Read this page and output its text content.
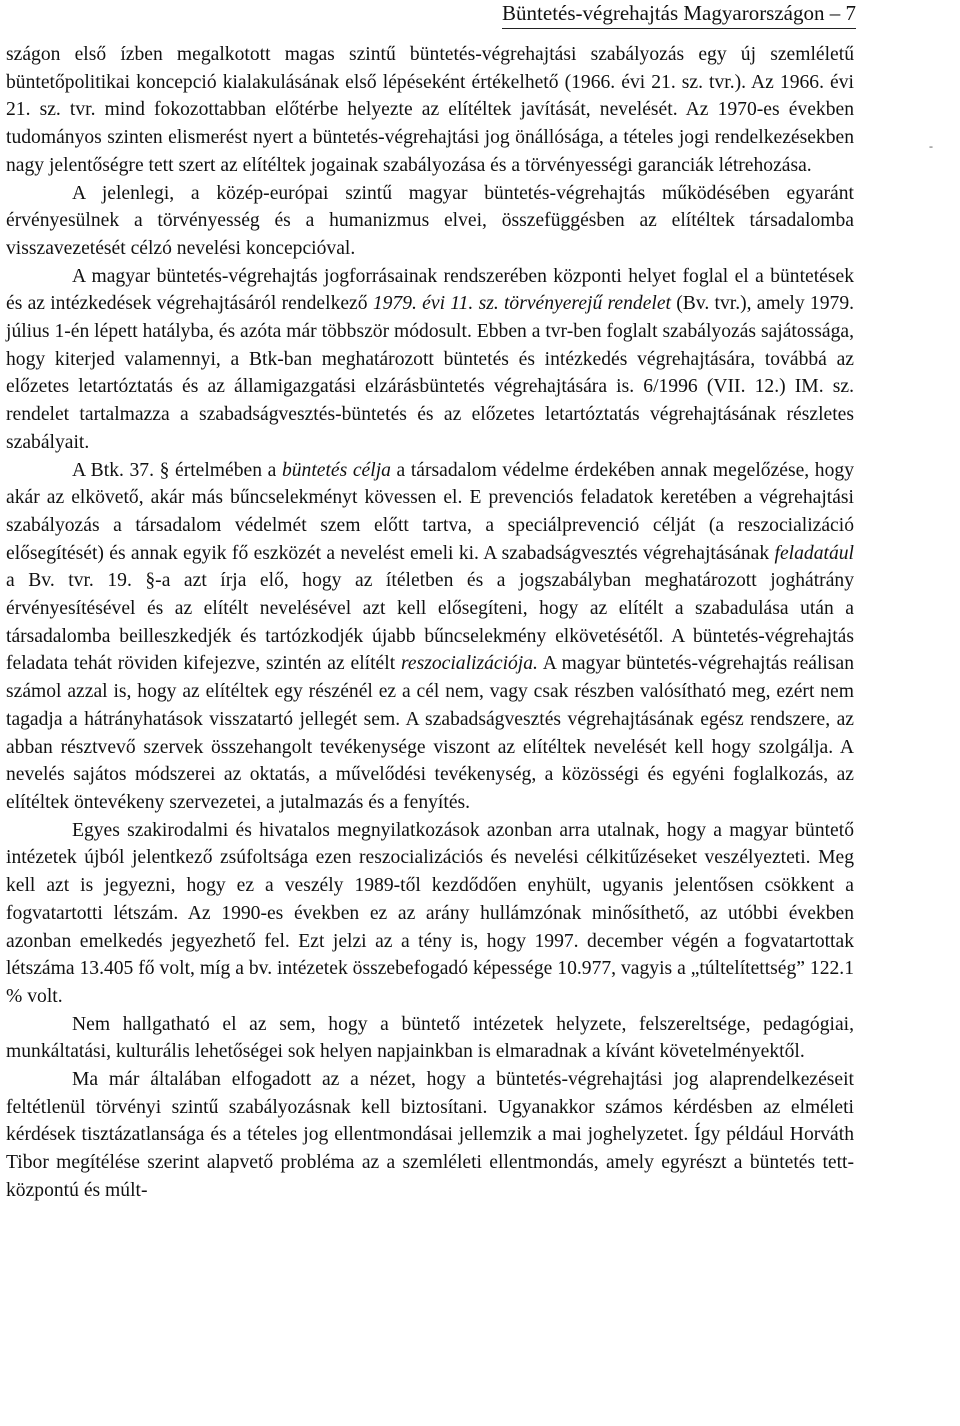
Büntetés-végrehajtás Magyarországon – 7
-

szágon első ízben megalkotott magas szintű büntetés-végrehajtási szabályozás egy új szemléletű büntetőpolitikai koncepció kialakulásának első lépéseként értékelhető (1966. évi 21. sz. tvr.). Az 1966. évi 21. sz. tvr. mind fokozottabban előtérbe helyezte az elítéltek javítását, nevelését. Az 1970-es években tudományos szinten elismerést nyert a büntetés-végrehajtási jog önállósága, a tételes jogi rendelkezésekben nagy jelentőségre tett szert az elítéltek jogainak szabályozása és a törvényességi garanciák létrehozása.

A jelenlegi, a közép-európai szintű magyar büntetés-végrehajtás működésében egyaránt érvényesülnek a törvényesség és a humanizmus elvei, összefüggésben az elítéltek társadalomba visszavezetését célzó nevelési koncepcióval.

A magyar büntetés-végrehajtás jogforrásainak rendszerében központi helyet foglal el a büntetések és az intézkedések végrehajtásáról rendelkező 1979. évi 11. sz. törvényerejű rendelet (Bv. tvr.), amely 1979. július 1-én lépett hatályba, és azóta már többször módosult. Ebben a tvr-ben foglalt szabályozás sajátossága, hogy kiterjed valamennyi, a Btk-ban meghatározott büntetés és intézkedés végrehajtására, továbbá az előzetes letartóztatás és az államigazgatási elzárásbüntetés végrehajtására is. 6/1996 (VII. 12.) IM. sz. rendelet tartalmazza a szabadságvesztés-büntetés és az előzetes letartóztatás végrehajtásának részletes szabályait.

A Btk. 37. § értelmében a büntetés célja a társadalom védelme érdekében annak megelőzése, hogy akár az elkövető, akár más bűncselekményt kövessen el. E prevenciós feladatok keretében a végrehajtási szabályozás a társadalom védelmét szem előtt tartva, a speciálprevenció célját (a reszocializáció elősegítését) és annak egyik fő eszközét a nevelést emeli ki. A szabadságvesztés végrehajtásának feladatául a Bv. tvr. 19. §-a azt írja elő, hogy az ítéletben és a jogszabályban meghatározott joghátrány érvényesítésével és az elítélt nevelésével azt kell elősegíteni, hogy az elítélt a szabadulása után a társadalomba beilleszkedjék és tartózkodjék újabb bűncselekmény elkövetésétől. A büntetés-végrehajtás feladata tehát röviden kifejezve, szintén az elítélt reszocializációja. A magyar büntetés-végrehajtás reálisan számol azzal is, hogy az elítéltek egy részénél ez a cél nem, vagy csak részben valósítható meg, ezért nem tagadja a hátrányhatások visszatartó jellegét sem. A szabadságvesztés végrehajtásának egész rendszere, az abban résztvevő szervek összehangolt tevékenysége viszont az elítéltek nevelését kell hogy szolgálja. A nevelés sajátos módszerei az oktatás, a művelődési tevékenység, a közösségi és egyéni foglalkozás, az elítéltek öntevékeny szervezetei, a jutalmazás és a fenyítés.

Egyes szakirodalmi és hivatalos megnyilatkozások azonban arra utalnak, hogy a magyar büntető intézetek újból jelentkező zsúfoltsága ezen reszocializációs és nevelési célkitűzéseket veszélyezteti. Meg kell azt is jegyezni, hogy ez a veszély 1989-től kezdődően enyhült, ugyanis jelentősen csökkent a fogvatartotti létszám. Az 1990-es években ez az arány hullámzónak minősíthető, az utóbbi években azonban emelkedés jegyezhető fel. Ezt jelzi az a tény is, hogy 1997. december végén a fogvatartottak létszáma 13.405 fő volt, míg a bv. intézetek összebefogadó képessége 10.977, vagyis a „túltelítettség” 122.1 % volt.

Nem hallgatható el az sem, hogy a büntető intézetek helyzete, felszereltsége, pedagógiai, munkáltatási, kulturális lehetőségei sok helyen napjainkban is elmaradnak a kívánt követelményektől.

Ma már általában elfogadott az a nézet, hogy a büntetés-végrehajtási jog alaprendelkezéseit feltétlenül törvényi szintű szabályozásnak kell biztosítani. Ugyanakkor számos kérdésben az elméleti kérdések tisztázatlansága és a tételes jog ellentmondásai jellemzik a mai joghelyzetet. Így például Horváth Tibor megítélése szerint alapvető probléma az a szemléleti ellentmondás, amely egyrészt a büntetés tett-központú és múlt-
